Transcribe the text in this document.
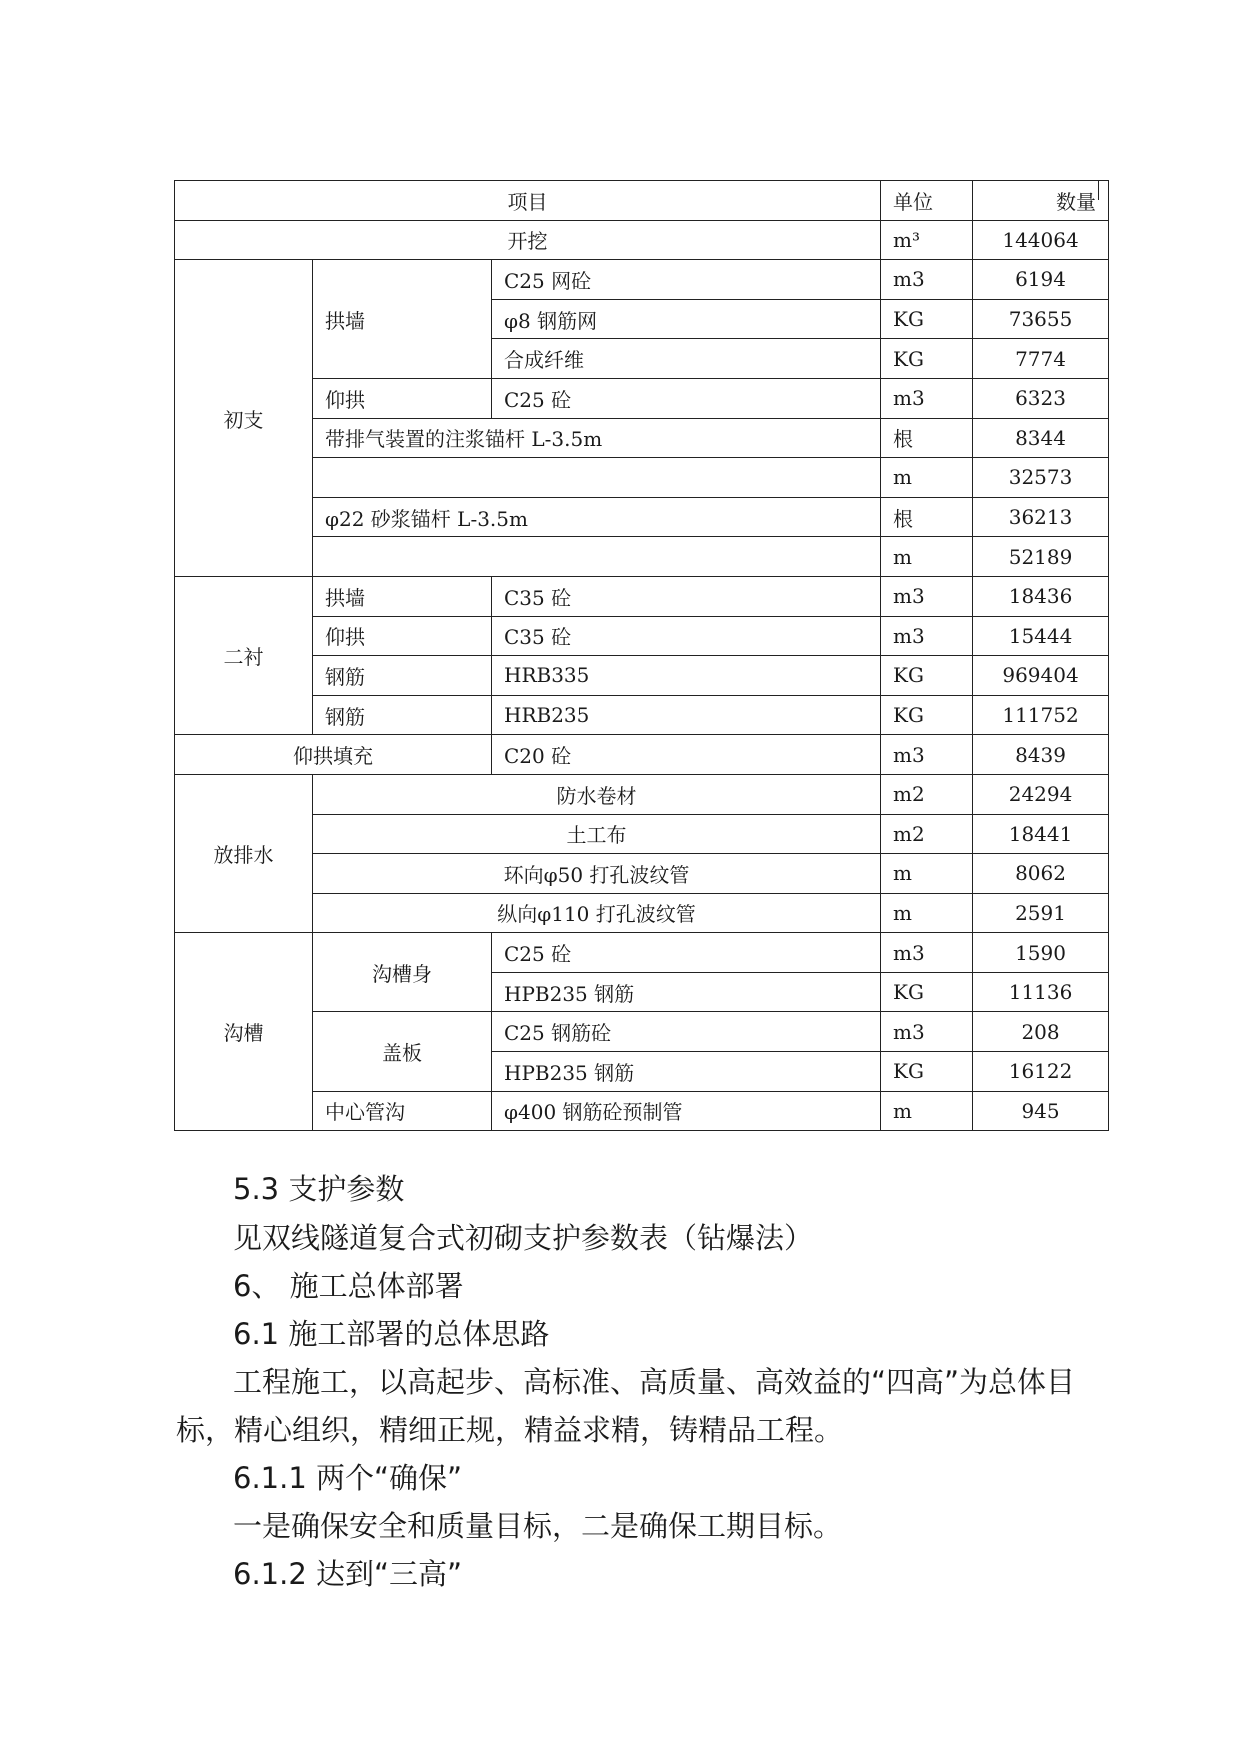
项目			单位	数量
开挖			m³	144064
初支	拱墙	C25 网砼	m3	6194
		φ8 钢筋网	KG	73655
		合成纤维	KG	7774
	仰拱	C25 砼	m3	6323
	带排气装置的注浆锚杆 L-3.5m		根	8344
			m	32573
	φ22 砂浆锚杆 L-3.5m		根	36213
			m	52189
二衬	拱墙	C35 砼	m3	18436
	仰拱	C35 砼	m3	15444
	钢筋	HRB335	KG	969404
	钢筋	HRB235	KG	111752
仰拱填充		C20 砼	m3	8439
放排水	防水卷材		m2	24294
	土工布		m2	18441
	环向φ50 打孔波纹管		m	8062
	纵向φ110 打孔波纹管		m	2591
沟槽	沟槽身	C25 砼	m3	1590
		HPB235 钢筋	KG	11136
	盖板	C25 钢筋砼	m3	208
		HPB235 钢筋	KG	16122
	中心管沟	φ400 钢筋砼预制管	m	945
5.3 支护参数
见双线隧道复合式初砌支护参数表（钻爆法）
6、 施工总体部署
6.1 施工部署的总体思路
工程施工，以高起步、高标准、高质量、高效益的“四高”为总体目
标，精心组织，精细正规，精益求精，铸精品工程。
6.1.1 两个“确保”
一是确保安全和质量目标，二是确保工期目标。
6.1.2 达到“三高”
